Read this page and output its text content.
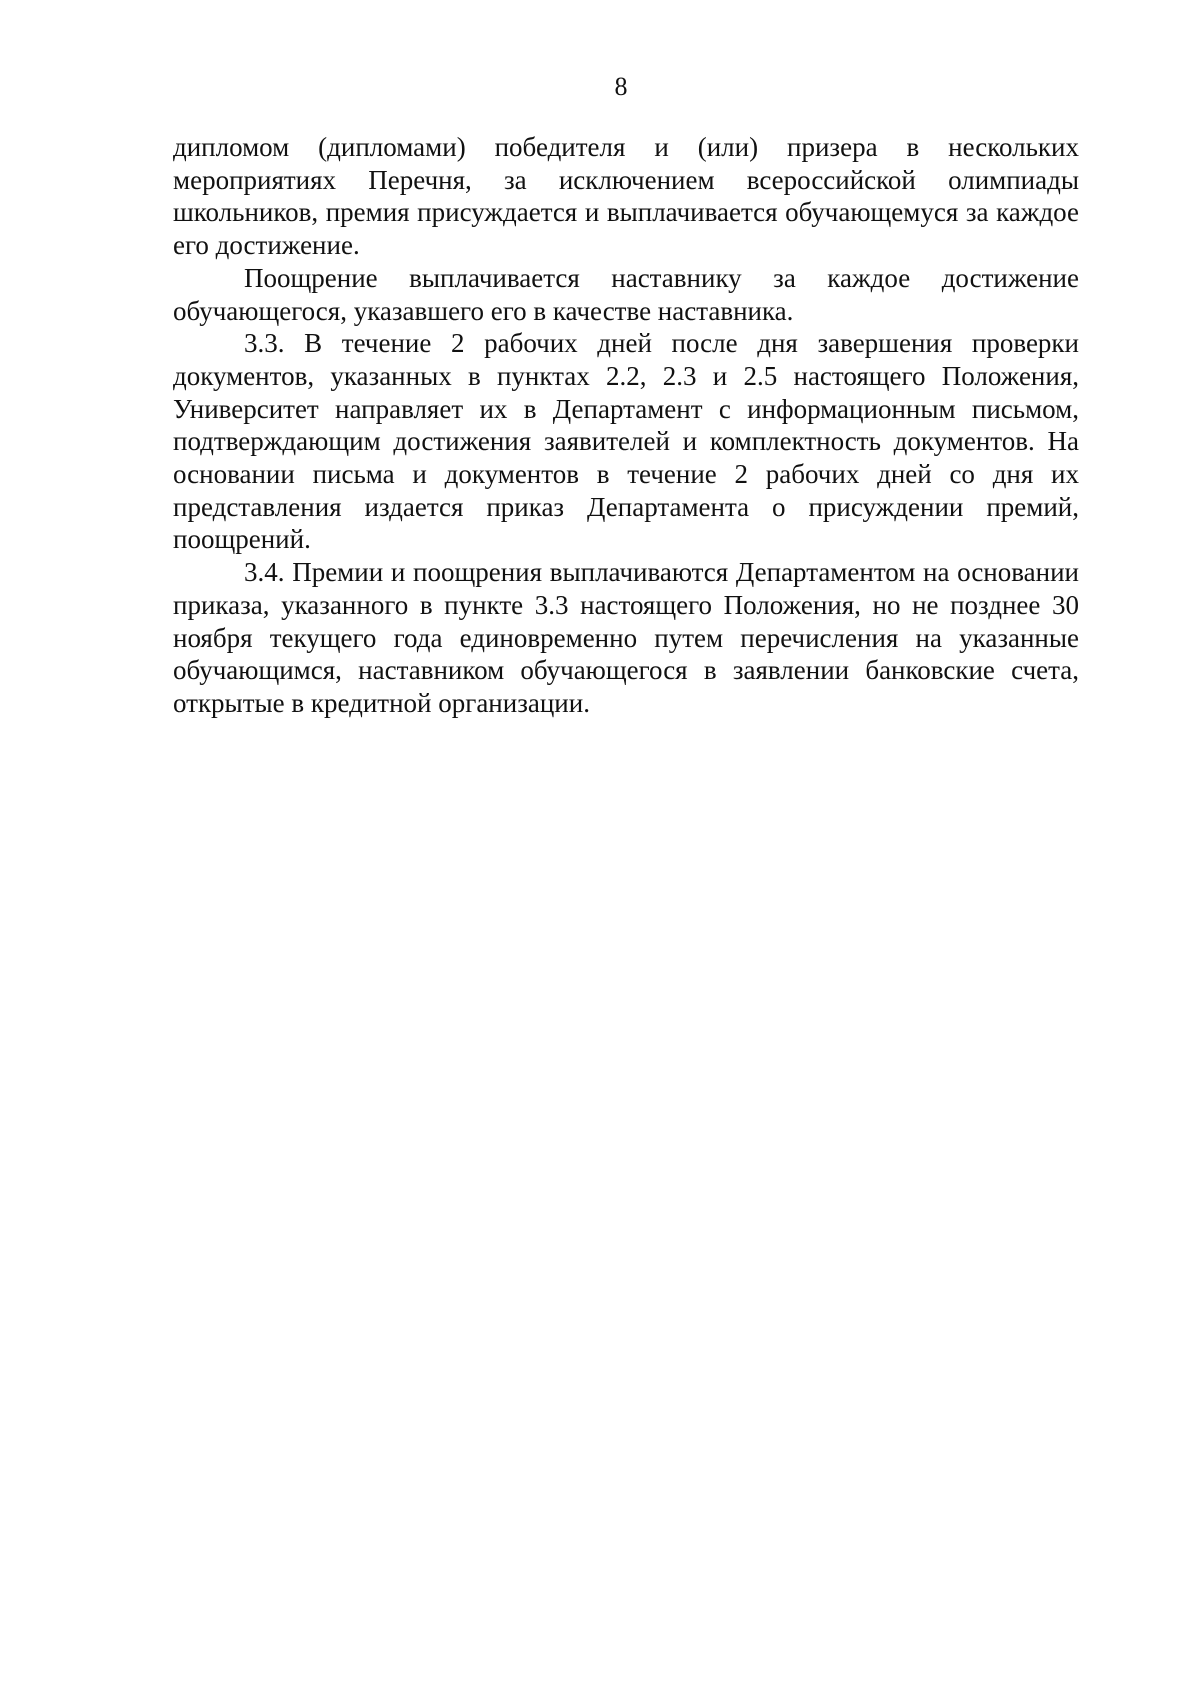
8

дипломом (дипломами) победителя и (или) призера в нескольких мероприятиях Перечня, за исключением всероссийской олимпиады школьников, премия присуждается и выплачивается обучающемуся за каждое его достижение.

Поощрение выплачивается наставнику за каждое достижение обучающегося, указавшего его в качестве наставника.

3.3. В течение 2 рабочих дней после дня завершения проверки документов, указанных в пунктах 2.2, 2.3 и 2.5 настоящего Положения, Университет направляет их в Департамент с информационным письмом, подтверждающим достижения заявителей и комплектность документов. На основании письма и документов в течение 2 рабочих дней со дня их представления издается приказ Департамента о присуждении премий, поощрений.

3.4. Премии и поощрения выплачиваются Департаментом на основании приказа, указанного в пункте 3.3 настоящего Положения, но не позднее 30 ноября текущего года единовременно путем перечисления на указанные обучающимся, наставником обучающегося в заявлении банковские счета, открытые в кредитной организации.
